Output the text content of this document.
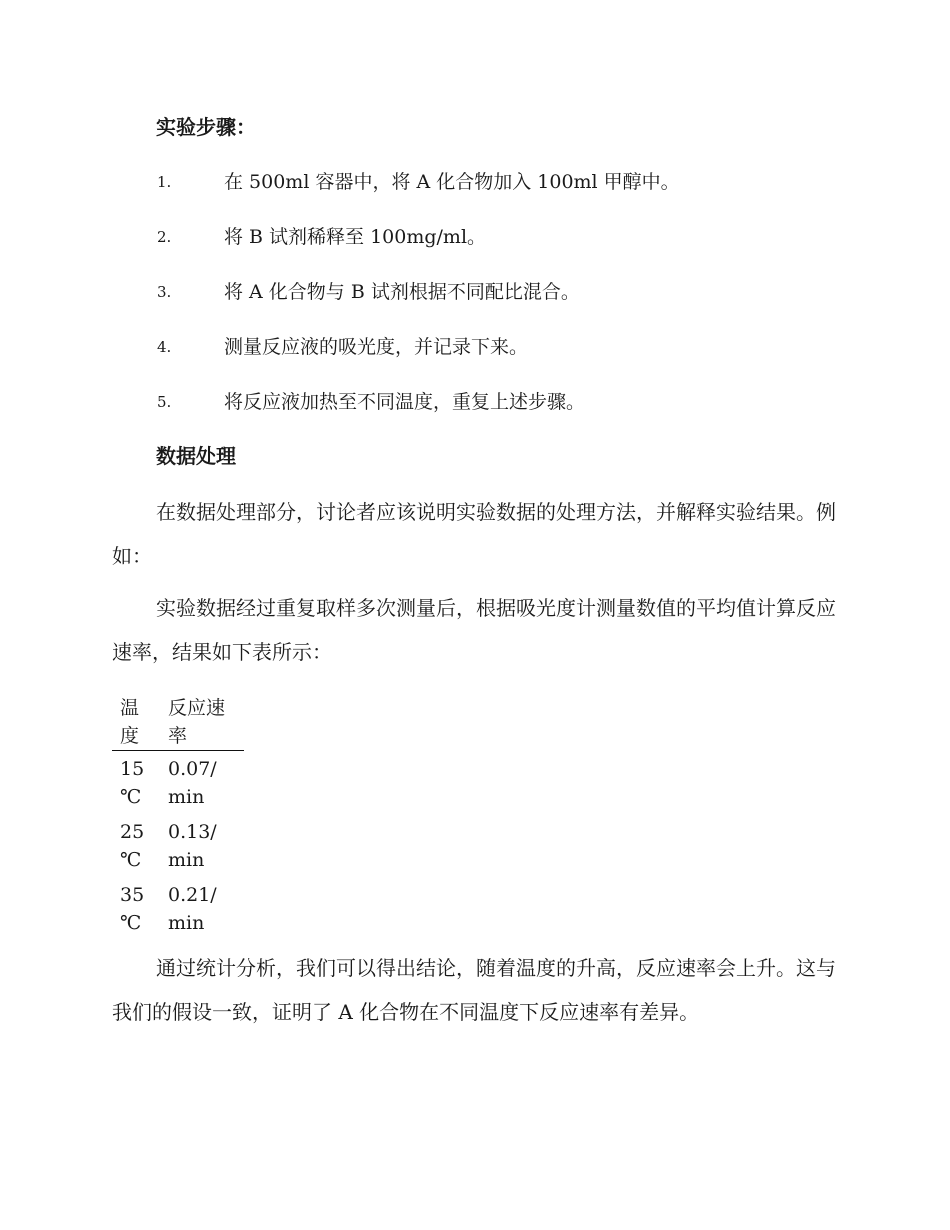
实验步骤：
1.	在 500ml 容器中，将 A 化合物加入 100ml 甲醇中。
2.	将 B 试剂稀释至 100mg/ml。
3.	将 A 化合物与 B 试剂根据不同配比混合。
4.	测量反应液的吸光度，并记录下来。
5.	将反应液加热至不同温度，重复上述步骤。
数据处理
在数据处理部分，讨论者应该说明实验数据的处理方法，并解释实验结果。例如：
实验数据经过重复取样多次测量后，根据吸光度计测量数值的平均值计算反应速率，结果如下表所示：
温度	反应速率

15 ℃	0.07/ min

25 ℃	0.13/ min

35 ℃	0.21/ min
通过统计分析，我们可以得出结论，随着温度的升高，反应速率会上升。这与我们的假设一致，证明了 A 化合物在不同温度下反应速率有差异。
